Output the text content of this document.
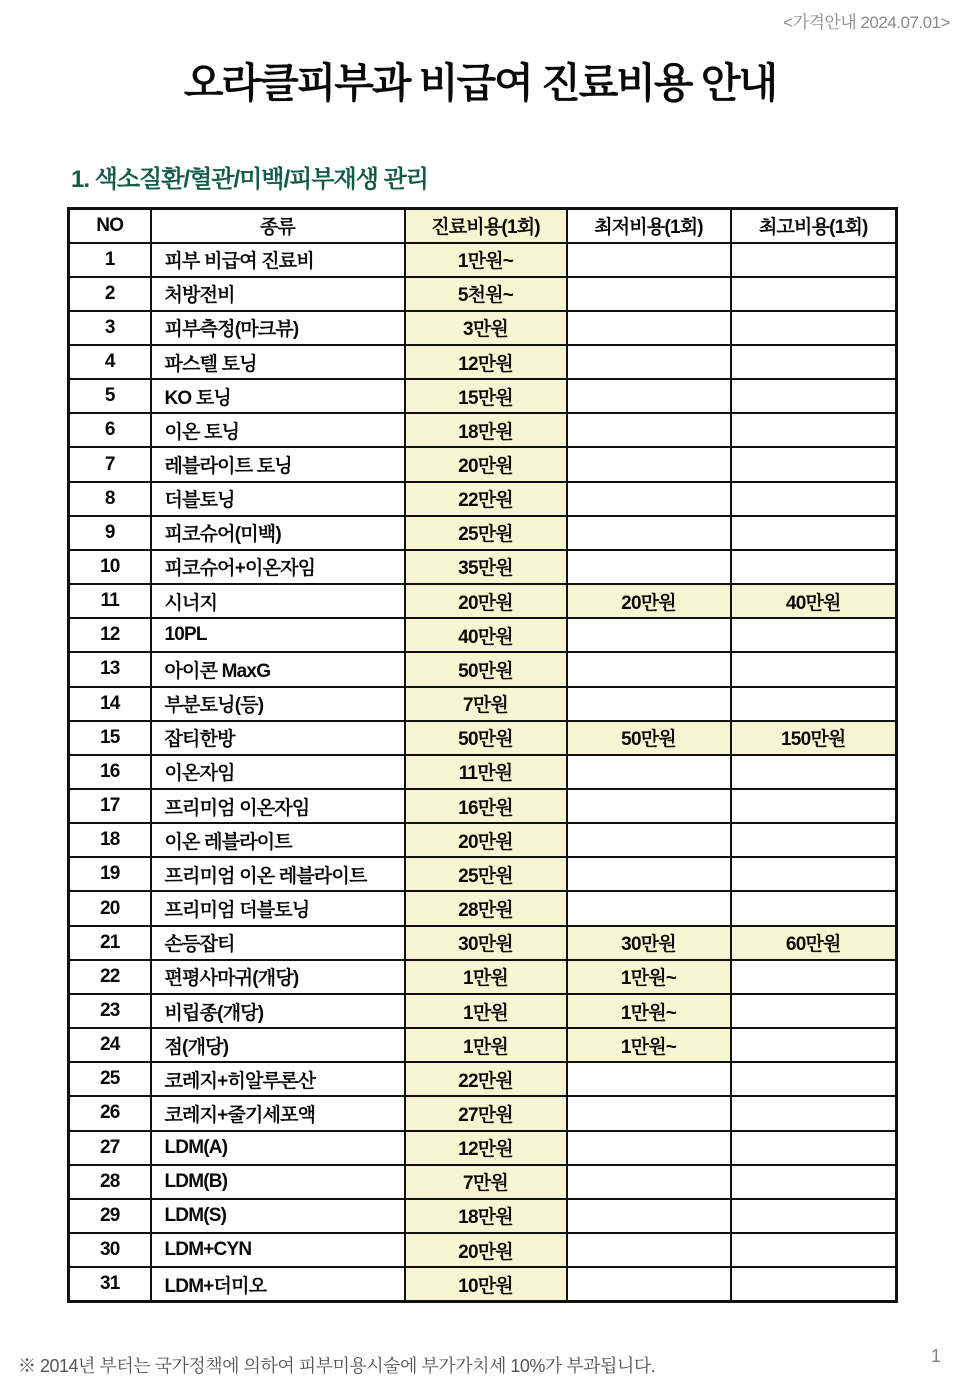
<가격안내 2024.07.01>
오라클피부과 비급여 진료비용 안내
1. 색소질환/혈관/미백/피부재생 관리
NO	종류	진료비용(1회)	최저비용(1회)	최고비용(1회)
1	피부 비급여 진료비	1만원~		
2	처방전비	5천원~		
3	피부측정(마크뷰)	3만원		
4	파스텔 토닝	12만원		
5	KO 토닝	15만원		
6	이온 토닝	18만원		
7	레블라이트 토닝	20만원		
8	더블토닝	22만원		
9	피코슈어(미백)	25만원		
10	피코슈어+이온자임	35만원		
11	시너지	20만원	20만원	40만원
12	10PL	40만원		
13	아이콘 MaxG	50만원		
14	부분토닝(등)	7만원		
15	잡티한방	50만원	50만원	150만원
16	이온자임	11만원		
17	프리미엄 이온자임	16만원		
18	이온 레블라이트	20만원		
19	프리미엄 이온 레블라이트	25만원		
20	프리미엄 더블토닝	28만원		
21	손등잡티	30만원	30만원	60만원
22	편평사마귀(개당)	1만원	1만원~	
23	비립종(개당)	1만원	1만원~	
24	점(개당)	1만원	1만원~	
25	코레지+히알루론산	22만원		
26	코레지+줄기세포액	27만원		
27	LDM(A)	12만원		
28	LDM(B)	7만원		
29	LDM(S)	18만원		
30	LDM+CYN	20만원		
31	LDM+더미오	10만원		
※ 2014년 부터는 국가정책에 의하여 피부미용시술에 부가가치세 10%가 부과됩니다.	1
